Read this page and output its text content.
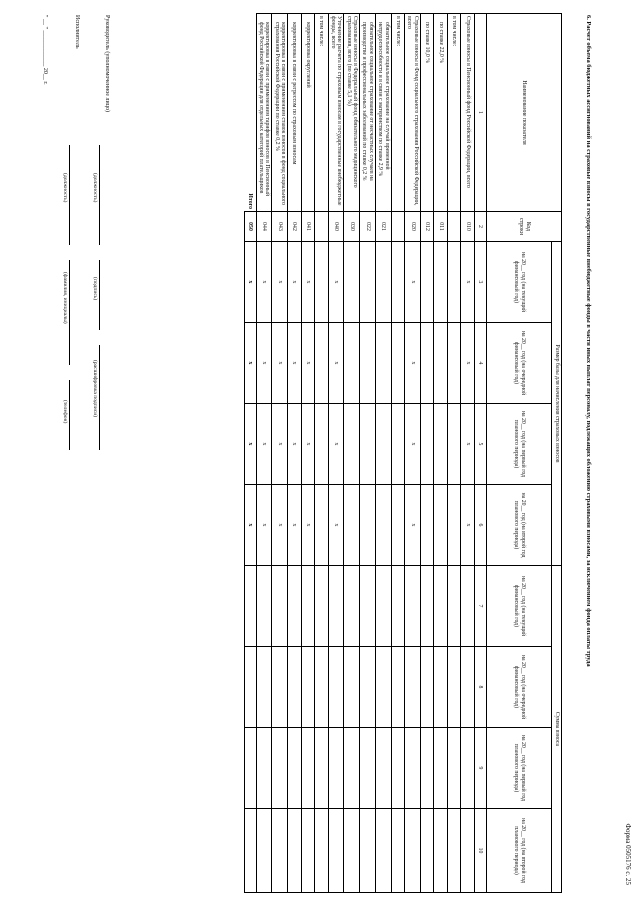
Форма 0505176 с. 25
6. Расчет объема бюджетных ассигнований на страховые взносы в государственные внебюджетные фонды в части иных выплат персоналу, подлежащих обложению страховыми взносами, за исключением фонда оплаты труда
Наименование показателя	Код строки	Размер базы для начисления страховых взносов				Сумма взноса			
		на 20__ год (на текущий финансовый год)	на 20__ год (на очередной финансовый год)	на 20__ год (на первый год планового периода)	на 20__ год (на второй год планового периода)	на 20__ год (на текущий финансовый год)	на 20__ год (на очередной финансовый год)	на 20__ год (на первый год планового периода)	на 20__ год (на второй год планового периода)
1	2	3	4	5	6	7	8	9	10
Страховые взносы в Пенсионный фонд Российской Федерации, всего	010	x	x	x	x				
в том числе:									
по ставке 22,0 %	011								
по ставке 10,0 %	012								
Страховые взносы в Фонд социального страхования Российской Федерации, всего	020	x	x	x	x				
в том числе:									
обязательное социальное страхование на случай временной нетрудоспособности и в связи с материнством по ставке 2,9 %	021								
обязательное социальное страхование от несчастных случаев на производстве и профессиональных заболеваний по ставке 0,2 %	022								
Страховые взносы в Федеральный фонд обязательного медицинского страхования, всего (по ставке 5,1 %)	030								
Уточнение расчета по страховым взносам в государственные внебюджетные фонды, всего	040	x	x	x	x				
в том числе:									
корректировка округлений	041	x	x	x	x				
корректировка в связи с регрессом по страховым взносам	042	x	x	x	x				
корректировка в связи с применением ставок взносов в фонд социального страхования Российской Федерации по ставке 0,2 %	043	x	x	x	x				
корректировка в связи с применением тарифов взносов в Пенсионный фонд Российской Федерации для отдельных категорий плательщиков	044	x	x	x	x				
Итого	050	x	x	x	x				
Руководитель (уполномоченное лицо)
(должность)
(подпись)
(расшифровка подписи)
Исполнитель
(должность)
(фамилия, инициалы)
(телефон)
" __ " ____________ 20__ г.
